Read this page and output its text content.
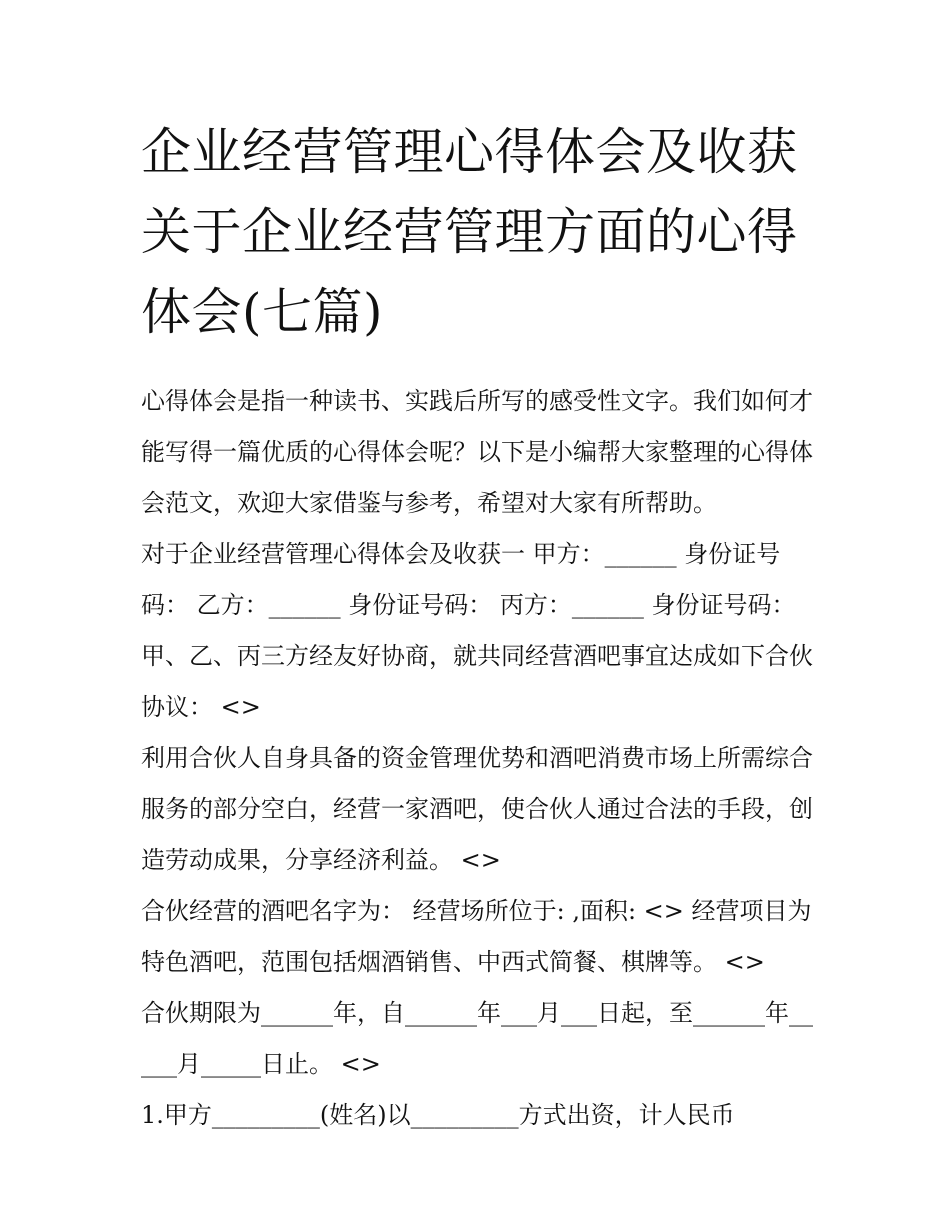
企业经营管理心得体会及收获关于企业经营管理方面的心得体会(七篇)

心得体会是指一种读书、实践后所写的感受性文字。我们如何才能写得一篇优质的心得体会呢？以下是小编帮大家整理的心得体会范文，欢迎大家借鉴与参考，希望对大家有所帮助。

对于企业经营管理心得体会及收获一 甲方：______ 身份证号码： 乙方：______ 身份证号码： 丙方：______ 身份证号码：甲、乙、丙三方经友好协商，就共同经营酒吧事宜达成如下合伙协议： <>

利用合伙人自身具备的资金管理优势和酒吧消费市场上所需综合服务的部分空白，经营一家酒吧，使合伙人通过合法的手段，创造劳动成果，分享经济利益。 <>

合伙经营的酒吧名字为： 经营场所位于: ,面积: <> 经营项目为特色酒吧，范围包括烟酒销售、中西式简餐、棋牌等。 <>

合伙期限为______年，自______年___月___日起，至______年_____月_____日止。 <>

1.甲方_________(姓名)以_________方式出资，计人民币
